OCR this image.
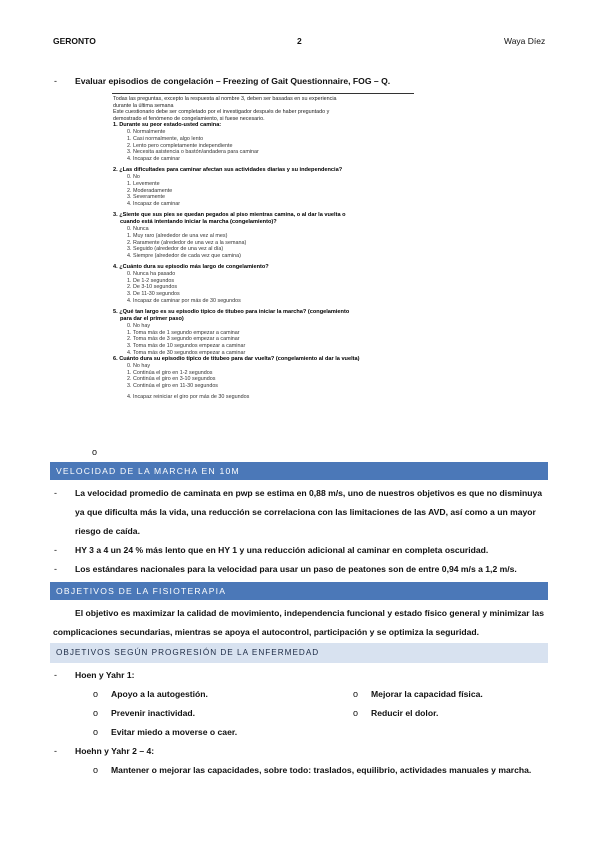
GERONTO	2	Waya Díez
- Evaluar episodios de congelación – Freezing of Gait Questionnaire, FOG – Q.
Todas las preguntas, excepto la respuesta al nombre 3, deben ser basadas en su experiencia
durante la última semana
Este cuestionario debe ser completado por el investigador después de haber preguntado y
demostrado el fenómeno de congelamiento, si fuese necesario.
1. Durante su peor estado-usted camina:
0. Normalmente
1. Casi normalmente, algo lento
2. Lento pero completamente independiente
3. Necesita asistencia o bastón/andadera para caminar
4. Incapaz de caminar
2. ¿Las dificultades para caminar afectan sus actividades diarias y su independencia?
0. No
1. Levemente
2. Moderadamente
3. Severamente
4. Incapaz de caminar
3. ¿Siente que sus pies se quedan pegados al piso mientras camina, o al dar la vuelta o
cuando está intentando iniciar la marcha (congelamiento)?
0. Nunca
1. Muy raro (alrededor de una vez al mes)
2. Raramente (alrededor de una vez a la semana)
3. Seguido (alrededor de una vez al día)
4. Siempre (alrededor de cada vez que camina)
4. ¿Cuánto dura su episodio más largo de congelamiento?
0. Nunca ha pasado
1. De 1-2 segundos
2. De 3-10 segundos
3. De 11-30 segundos
4. Incapaz de caminar por más de 30 segundos
5. ¿Qué tan largo es su episodio típico de titubeo para iniciar la marcha? (congelamiento
para dar el primer paso)
0. No hay
1. Toma más de 1 segundo empezar a caminar
2. Toma más de 3 segundo empezar a caminar
3. Toma más de 10 segundos empezar a caminar
4. Toma más de 30 segundos empezar a caminar
6. Cuánto dura su episodio típico de titubeo para dar vuelta? (congelamiento al dar la vuelta)
0. No hay
1. Continúa el giro en 1-2 segundos
2. Continúa el giro en 3-10 segundos
3. Continúa el giro en 11-30 segundos
4. Incapaz reiniciar el giro por más de 30 segundos
o
VELOCIDAD DE LA MARCHA EN 10M
- La velocidad promedio de caminata en pwp se estima en 0,88 m/s, uno de nuestros objetivos es que no disminuya
ya que dificulta más la vida, una reducción se correlaciona con las limitaciones de las AVD, así como a un mayor
riesgo de caída.
- HY 3 a 4 un 24 % más lento que en HY 1 y una reducción adicional al caminar en completa oscuridad.
- Los estándares nacionales para la velocidad para usar un paso de peatones son de entre 0,94 m/s a 1,2 m/s.
OBJETIVOS DE LA FISIOTERAPIA
El objetivo es maximizar la calidad de movimiento, independencia funcional y estado físico general y minimizar las
complicaciones secundarias, mientras se apoya el autocontrol, participación y se optimiza la seguridad.
OBJETIVOS SEGÚN PROGRESIÓN DE LA ENFERMEDAD
- Hoen y Yahr 1:
o Apoyo a la autogestión.
o Prevenir inactividad.
o Evitar miedo a moverse o caer.
o Mejorar la capacidad física.
o Reducir el dolor.
- Hoehn y Yahr 2 – 4:
o Mantener o mejorar las capacidades, sobre todo: traslados, equilibrio, actividades manuales y marcha.
